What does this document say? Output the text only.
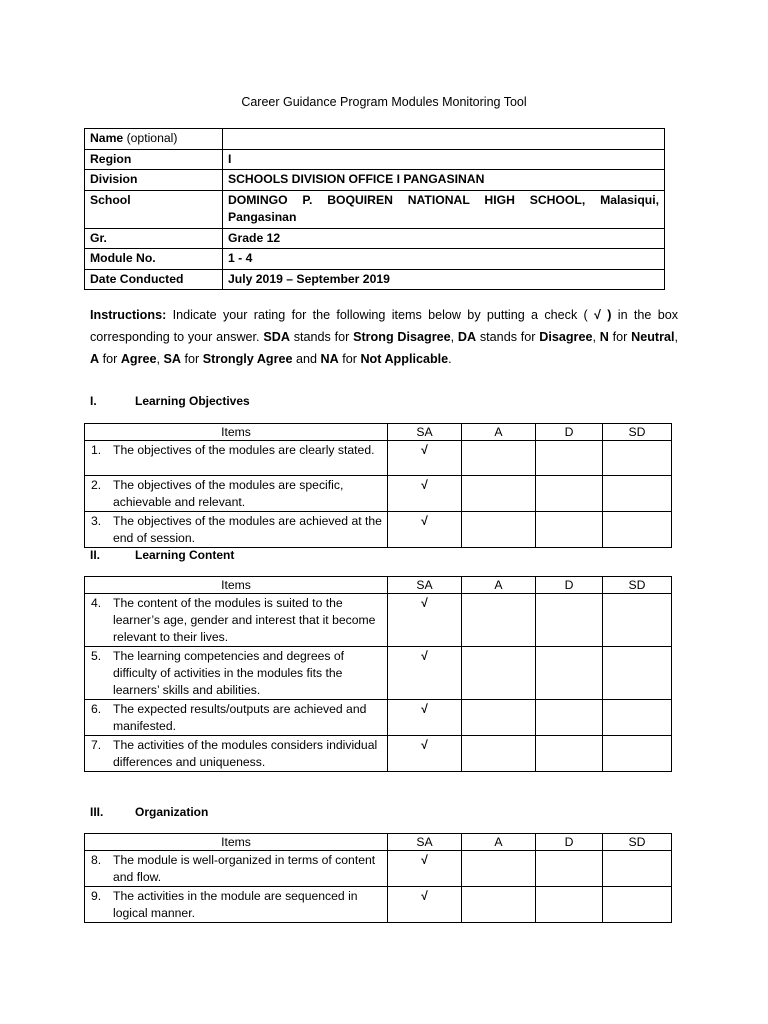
Career Guidance Program Modules Monitoring Tool
Name (optional)	
Region	I
Division	SCHOOLS DIVISION OFFICE I PANGASINAN
School	DOMINGO P. BOQUIREN NATIONAL HIGH SCHOOL, Malasiqui,
Pangasinan

Gr.	Grade 12
Module No.	1 - 4
Date Conducted	July 2019 – September 2019
Instructions: Indicate your rating for the following items below by putting a check ( √ ) in the box corresponding to your answer. SDA stands for Strong Disagree, DA stands for Disagree, N for Neutral, A for Agree, SA for Strongly Agree and NA for Not Applicable.
I.	Learning Objectives
Items	SA	A	D	SD

1. The objectives of the modules are clearly stated.	√			

2. The objectives of the modules are specific, achievable and relevant.	√			

3. The objectives of the modules are achieved at the end of session.	√			
II.	Learning Content
Items	SA	A	D	SD

4. The content of the modules is suited to the learner’s age, gender and interest that it become relevant to their lives.	√			

5. The learning competencies and degrees of difficulty of activities in the modules fits the learners’ skills and abilities.	√			

6. The expected results/outputs are achieved and manifested.	√			

7. The activities of the modules considers individual differences and uniqueness.	√			
III.	Organization
Items	SA	A	D	SD

8. The module is well-organized in terms of content and flow.	√			

9. The activities in the module are sequenced in logical manner.	√			
